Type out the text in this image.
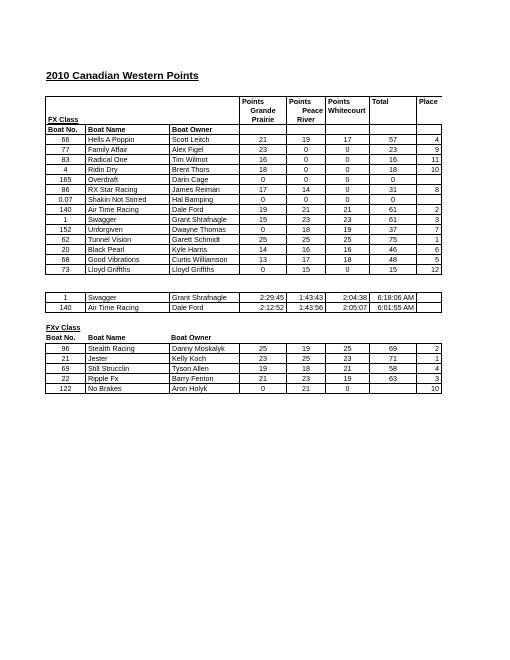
2010 Canadian Western Points
			Points	Points	Points	Total	Place
			Grande	Peace	Whitecourt		
FX Class			Prairie	River			
Boat No.	Boat Name	Boat Owner					
66	Hells A Poppin	Scott Leitch	21	19	17	57	4
77	Family Affair	Alex Figel	23	0	0	23	9
83	Radical One	Tim Wilmot	16	0	0	16	11
4	Ridin Dry	Brent Thors	18	0	0	18	10
165	Overdraft	Darin Cage	0	0	0	0	
86	RX Star Racing	James Reiman	17	14	0	31	8
0.07	Shakin Not Stirred	Hal Bamping	0	0	0	0	
140	Air Time Racing	Dale Ford	19	21	21	61	2
1	Swagger	Grant Shrafnagle	15	23	23	61	3
152	Unforgiven	Dwayne Thomas	0	18	19	37	7
62	Tunnel Vision	Garett Schmidt	25	25	25	75	1
20	Black Pearl	Kyle Harris	14	16	16	46	6
68	Good Vibrations	Curtis Williamson	13	17	18	48	5
73	Lloyd Griffths	Lloyd Griffths	0	15	0	15	12
1	Swagger	Grant Shrafnagle	2:29:45	1:43:43	2:04:38	6:18:06 AM	
140	Air Time Racing	Dale Ford	2:12:52	1:43:56	2:05:07	6:01:55 AM	
FXv Class
Boat No. Boat Name	Boat Owner
96	Stealth Racing	Danny Moskalyk	25	19	25	69	2
21	Jester	Kelly Koch	23	25	23	71	1
69	Still Strucclin	Tyson Allen	19	18	21	58	4
22	Ripple Fx	Barry Fenton	21	23	19	63	3
122	No Brakes	Aron Holyk	0	21	0		10
